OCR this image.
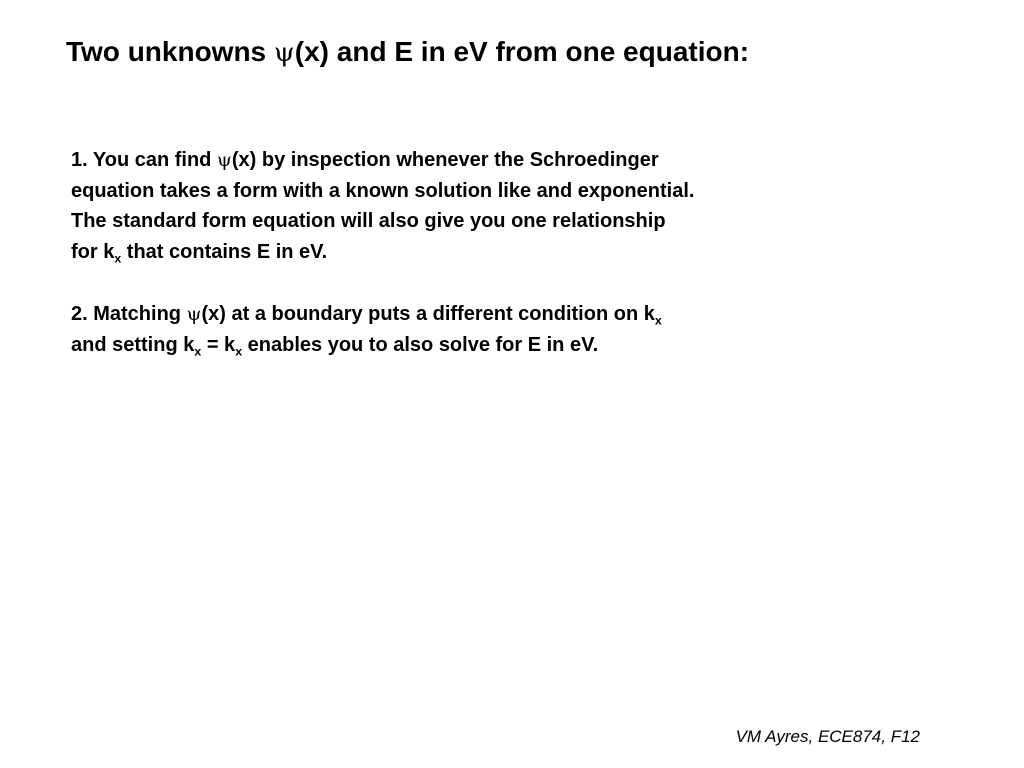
Two unknowns ψ(x) and E in eV from one equation:

1. You can find ψ(x) by inspection whenever the Schroedinger
equation takes a form with a known solution like and exponential.
The standard form equation will also give you one relationship
for $k_x$ that contains E in eV.

2. Matching ψ(x) at a boundary puts a different condition on $k_x$
and setting $k_x = k_x$ enables you to also solve for E in eV.

VM Ayres, ECE874, F12
